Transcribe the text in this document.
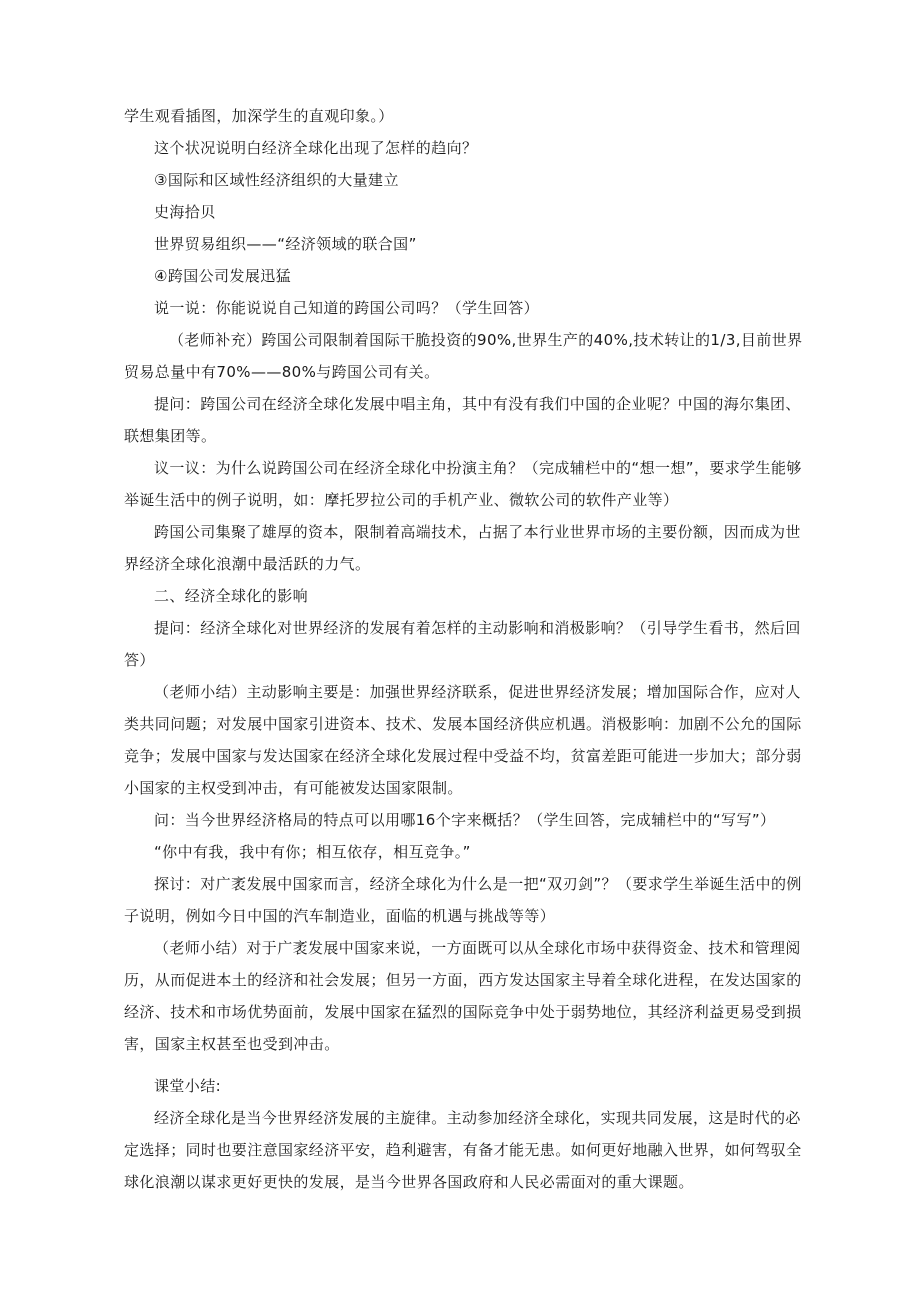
学生观看插图，加深学生的直观印象。）

这个状况说明白经济全球化出现了怎样的趋向？

③国际和区域性经济组织的大量建立

史海拾贝

世界贸易组织——“经济领域的联合国”

④跨国公司发展迅猛

说一说：你能说说自己知道的跨国公司吗？（学生回答）

（老师补充）跨国公司限制着国际干脆投资的90%,世界生产的40%,技术转让的1/3,目前世界贸易总量中有70%——80%与跨国公司有关。

提问：跨国公司在经济全球化发展中唱主角，其中有没有我们中国的企业呢？中国的海尔集团、联想集团等。

议一议：为什么说跨国公司在经济全球化中扮演主角？（完成辅栏中的“想一想”，要求学生能够举诞生活中的例子说明，如：摩托罗拉公司的手机产业、微软公司的软件产业等）

跨国公司集聚了雄厚的资本，限制着高端技术，占据了本行业世界市场的主要份额，因而成为世界经济全球化浪潮中最活跃的力气。

二、经济全球化的影响

提问：经济全球化对世界经济的发展有着怎样的主动影响和消极影响？（引导学生看书，然后回答）

（老师小结）主动影响主要是：加强世界经济联系，促进世界经济发展；增加国际合作，应对人类共同问题；对发展中国家引进资本、技术、发展本国经济供应机遇。消极影响：加剧不公允的国际竞争；发展中国家与发达国家在经济全球化发展过程中受益不均，贫富差距可能进一步加大；部分弱小国家的主权受到冲击，有可能被发达国家限制。

问：当今世界经济格局的特点可以用哪16个字来概括？（学生回答，完成辅栏中的“写写”）

“你中有我，我中有你；相互依存，相互竞争。”

探讨：对广袤发展中国家而言，经济全球化为什么是一把“双刃剑”？（要求学生举诞生活中的例子说明，例如今日中国的汽车制造业，面临的机遇与挑战等等）

（老师小结）对于广袤发展中国家来说，一方面既可以从全球化市场中获得资金、技术和管理阅历，从而促进本土的经济和社会发展；但另一方面，西方发达国家主导着全球化进程，在发达国家的经济、技术和市场优势面前，发展中国家在猛烈的国际竞争中处于弱势地位，其经济利益更易受到损害，国家主权甚至也受到冲击。

课堂小结:

经济全球化是当今世界经济发展的主旋律。主动参加经济全球化，实现共同发展，这是时代的必定选择；同时也要注意国家经济平安，趋利避害，有备才能无患。如何更好地融入世界，如何驾驭全球化浪潮以谋求更好更快的发展，是当今世界各国政府和人民必需面对的重大课题。
